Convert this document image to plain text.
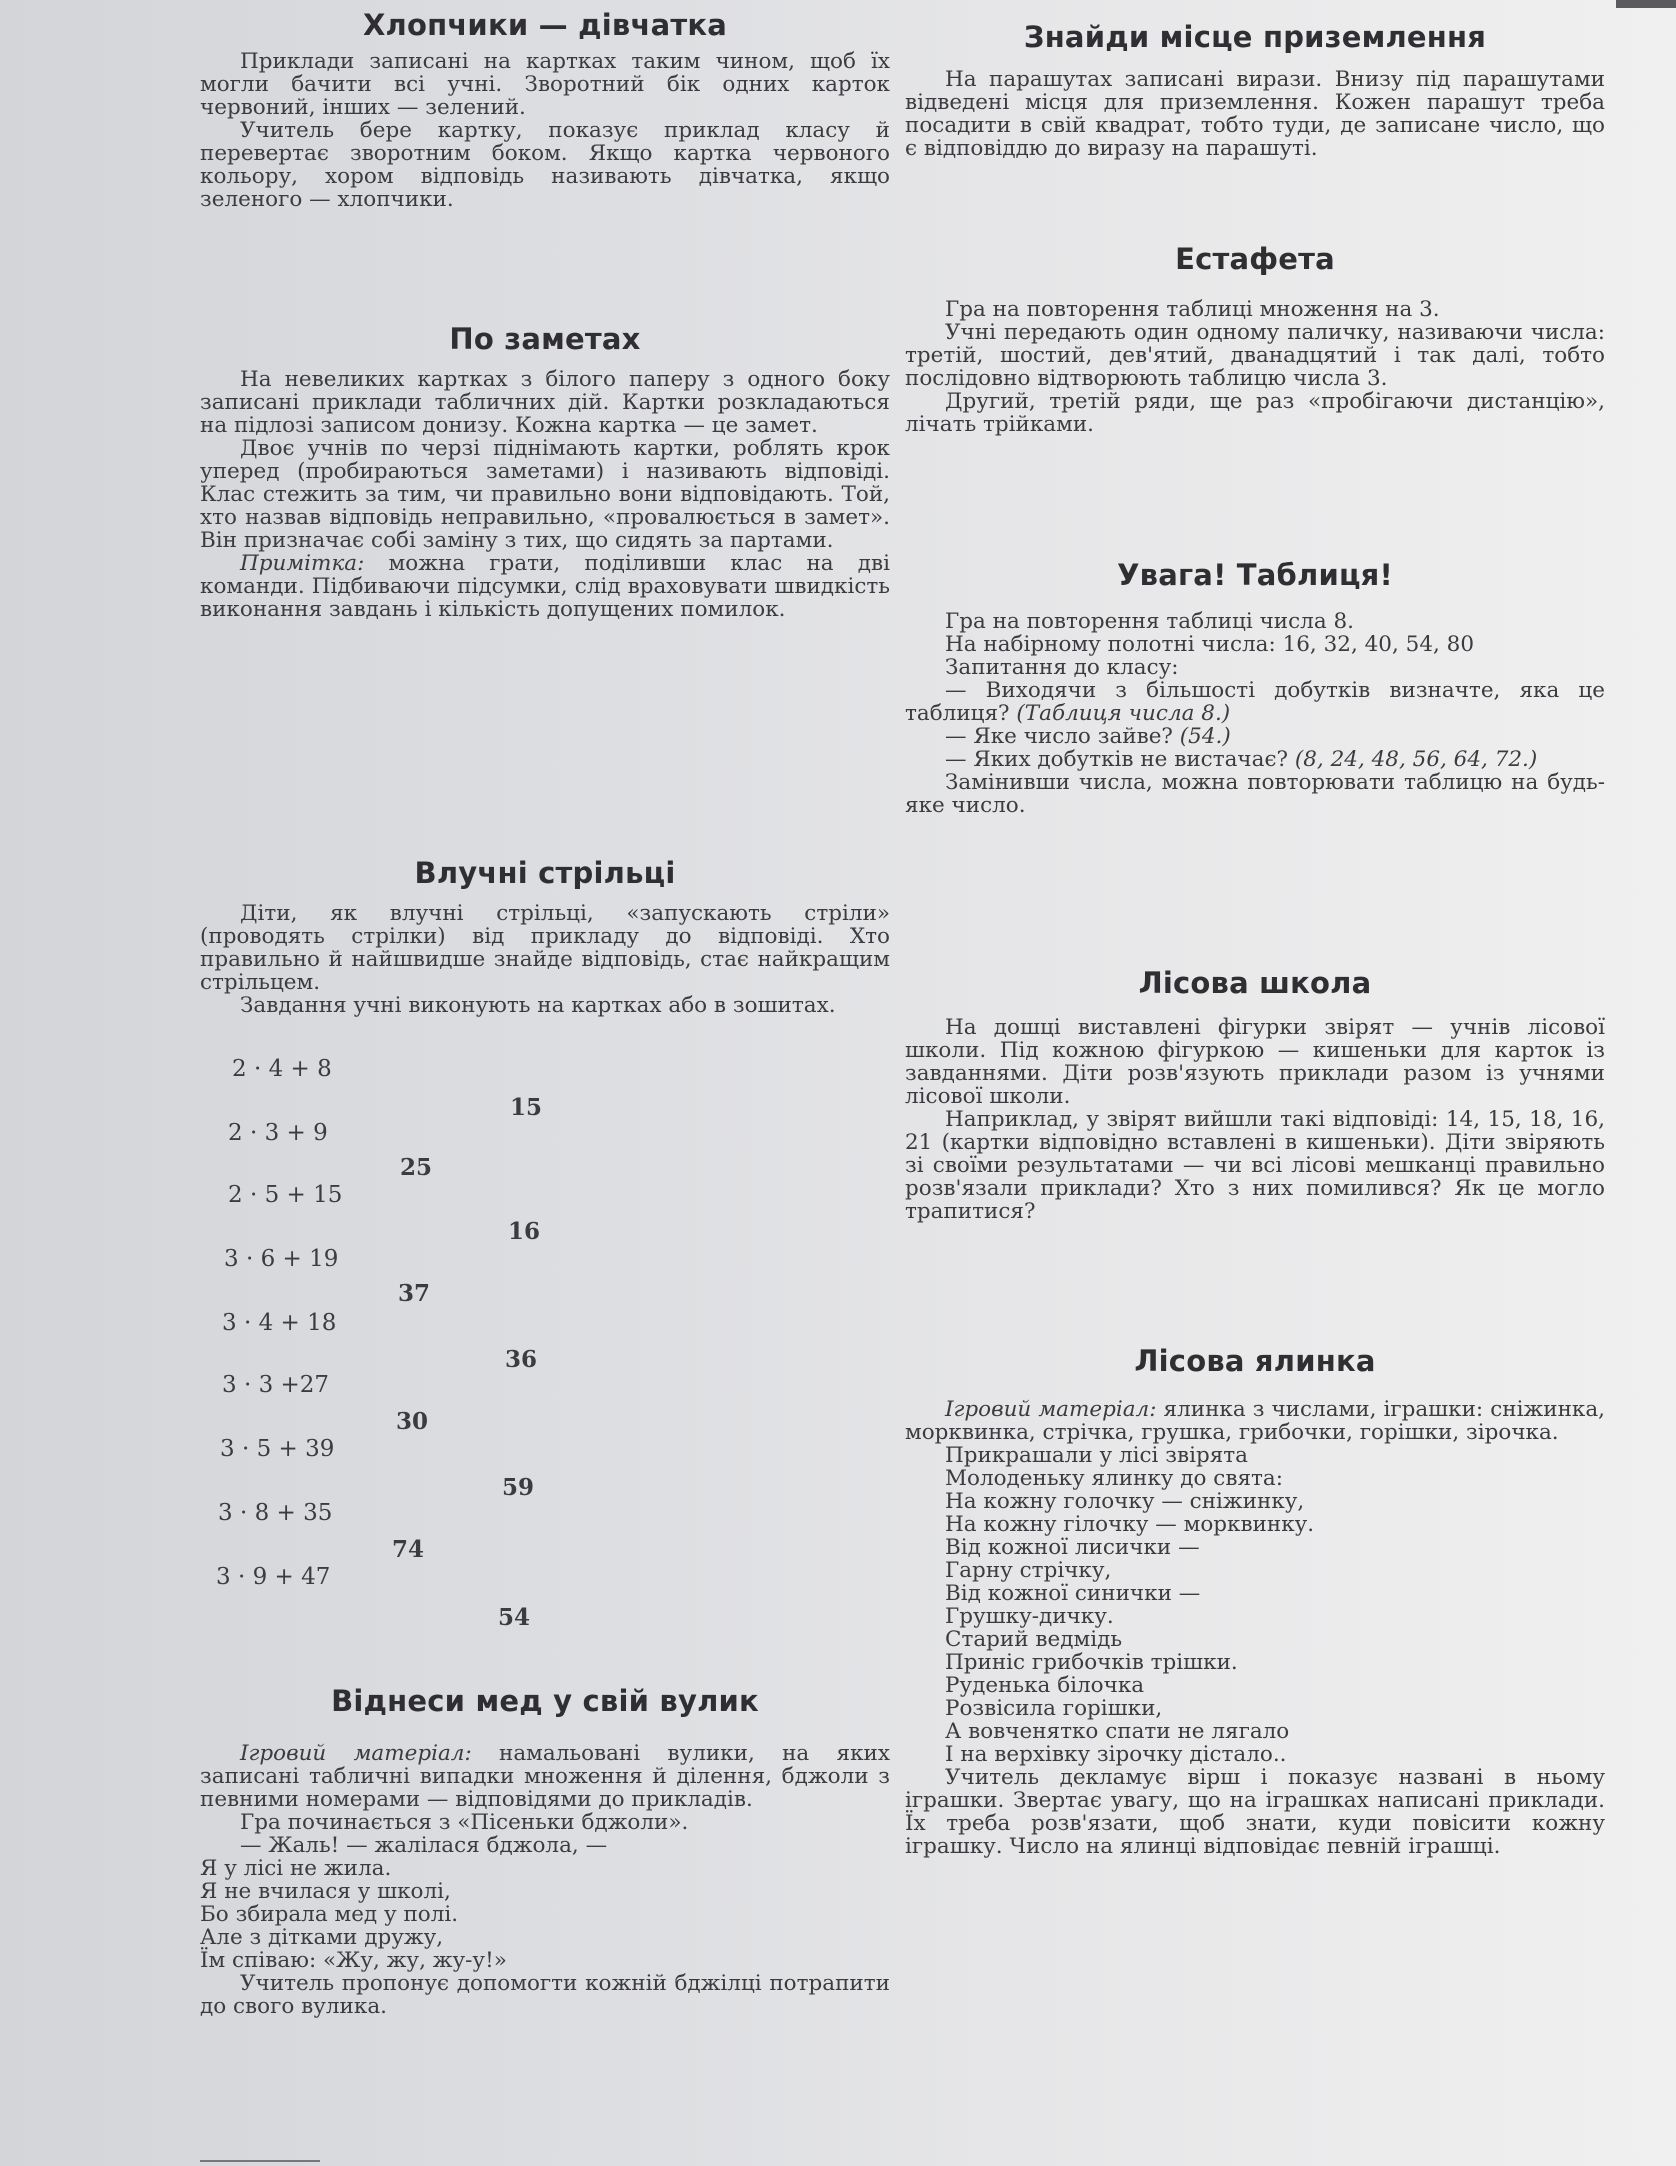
Хлопчики — дівчатка

Приклади записані на картках таким чином, щоб їх могли бачити всі учні. Зворотний бік одних карток червоний, інших — зелений.

Учитель бере картку, показує приклад класу й перевертає зворотним боком. Якщо картка червоного кольору, хором відповідь називають дівчатка, якщо зеленого — хлопчики.

По заметах

На невеликих картках з білого паперу з одного боку записані приклади табличних дій. Картки розкладаються на підлозі записом донизу. Кожна картка — це замет.

Двоє учнів по черзі піднімають картки, роблять крок уперед (пробираються заметами) і називають відповіді. Клас стежить за тим, чи правильно вони відповідають. Той, хто назвав відповідь неправильно, «провалюється в замет». Він призначає собі заміну з тих, що сидять за партами.

Примітка: можна грати, поділивши клас на дві команди. Підбиваючи підсумки, слід враховувати швидкість виконання завдань і кількість допущених помилок.

Влучні стрільці

Діти, як влучні стрільці, «запускають стріли» (проводять стрілки) від прикладу до відповіді. Хто правильно й найшвидше знайде відповідь, стає найкращим стрільцем.

Завдання учні виконують на картках або в зошитах.

2 · 4 + 8
15
2 · 3 + 9
25
2 · 5 + 15
16
3 · 6 + 19
37
3 · 4 + 18
36
3 · 3 +27
30
3 · 5 + 39
59
3 · 8 + 35
74
3 · 9 + 47
54
Віднеси мед у свій вулик

Ігровий матеріал: намальовані вулики, на яких записані табличні випадки множення й ділення, бджоли з певними номерами — відповідями до прикладів.

Гра починається з «Пісеньки бджоли».

— Жаль! — жалілася бджола, —

Я у лісі не жила.

Я не вчилася у школі,

Бо збирала мед у полі.

Але з дітками дружу,

Їм співаю: «Жу, жу, жу-у!»

Учитель пропонує допомогти кожній бджілці потрапити до свого вулика.

Знайди місце приземлення

На парашутах записані вирази. Внизу під парашутами відведені місця для приземлення. Кожен парашут треба посадити в свій квадрат, тобто туди, де записане число, що є відповіддю до виразу на парашуті.

Естафета

Гра на повторення таблиці множення на 3.

Учні передають один одному паличку, називаючи числа: третій, шостий, дев'ятий, дванадцятий і так далі, тобто послідовно відтворюють таблицю числа 3.

Другий, третій ряди, ще раз «пробігаючи дистанцію», лічать трійками.

Увага! Таблиця!

Гра на повторення таблиці числа 8.

На набірному полотні числа: 16, 32, 40, 54, 80

Запитання до класу:

— Виходячи з більшості добутків визначте, яка це таблиця? (Таблиця числа 8.)

— Яке число зайве? (54.)

— Яких добутків не вистачає? (8, 24, 48, 56, 64, 72.)

Замінивши числа, можна повторювати таблицю на будь-яке число.

Лісова школа

На дошці виставлені фігурки звірят — учнів лісової школи. Під кожною фігуркою — кишеньки для карток із завданнями. Діти розв'язують приклади разом із учнями лісової школи.

Наприклад, у звірят вийшли такі відповіді: 14, 15, 18, 16, 21 (картки відповідно вставлені в кишеньки). Діти звіряють зі своїми результатами — чи всі лісові мешканці правильно розв'язали приклади? Хто з них помилився? Як це могло трапитися?

Лісова ялинка

Ігровий матеріал: ялинка з числами, іграшки: сніжинка, морквинка, стрічка, грушка, грибочки, горішки, зірочка.

Прикрашали у лісі звірята

Молоденьку ялинку до свята:

На кожну голочку — сніжинку,

На кожну гілочку — морквинку.

Від кожної лисички —

Гарну стрічку,

Від кожної синички —

Грушку-дичку.

Старий ведмідь

Приніс грибочків трішки.

Руденька білочка

Розвісила горішки,

А вовченятко спати не лягало

І на верхівку зірочку дістало..

Учитель декламує вірш і показує названі в ньому іграшки. Звертає увагу, що на іграшках написані приклади. Їх треба розв'язати, щоб знати, куди повісити кожну іграшку. Число на ялинці відповідає певній іграшці.
